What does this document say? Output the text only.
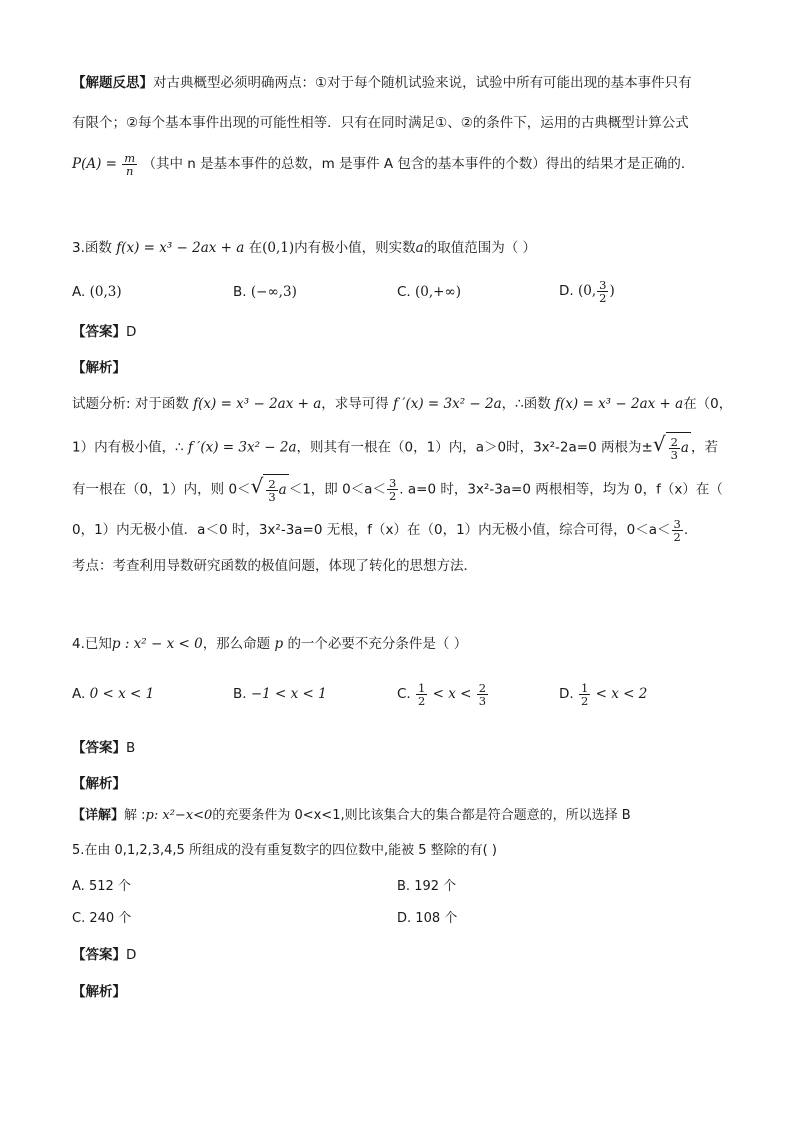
【解题反思】对古典概型必须明确两点：①对于每个随机试验来说，试验中所有可能出现的基本事件只有
有限个；②每个基本事件出现的可能性相等．只有在同时满足①、②的条件下，运用的古典概型计算公式
$P(A) = \frac{m}{n}$ （其中 n 是基本事件的总数，m 是事件 A 包含的基本事件的个数）得出的结果才是正确的．
3.函数 f(x) = x³ − 2ax + a 在(0,1)内有极小值，则实数a的取值范围为（ ）
A. (0,3)	B. (−∞,3)	C. (0,+∞)	D. (0, $\frac{3}{2}$ )
【答案】D
【解析】
试题分析: 对于函数 f(x) = x³ − 2ax + a，求导可得 f ′(x) = 3x² − 2a，∴函数 f(x) = x³ − 2ax + a在（0，
1）内有极小值，∴ f ′(x) = 3x² − 2a，则其有一根在（0，1）内，a＞0时，3x²-2a=0 两根为± √ $\frac{2}{3}$ a ，若
有一根在（0，1）内，则 0＜ √ $\frac{2}{3}$ a ＜1，即 $0<a< \frac{3}{2}$ . a=0 时，3x²-3a=0 两根相等，均为 0，f（x）在（
0，1）内无极小值．a＜0 时，3x²-3a=0 无根，f（x）在（0，1）内无极小值，综合可得，$0<a< \frac{3}{2}$ .
考点：考查利用导数研究函数的极值问题，体现了转化的思想方法．
4.已知p : x² − x < 0，那么命题 p 的一个必要不充分条件是（ ）
A. 0 < x < 1	B. −1 < x < 1	C. $\frac{1}{2} < x < \frac{2}{3}$	D. $\frac{1}{2} < x < 2$
【答案】B
【解析】
【详解】解 :p: x²−x<0的充要条件为 0<x<1,则比该集合大的集合都是符合题意的，所以选择 B
5.在由 0,1,2,3,4,5 所组成的没有重复数字的四位数中,能被 5 整除的有( )
A. 512 个	B. 192 个
C. 240 个	D. 108 个
【答案】D
【解析】
